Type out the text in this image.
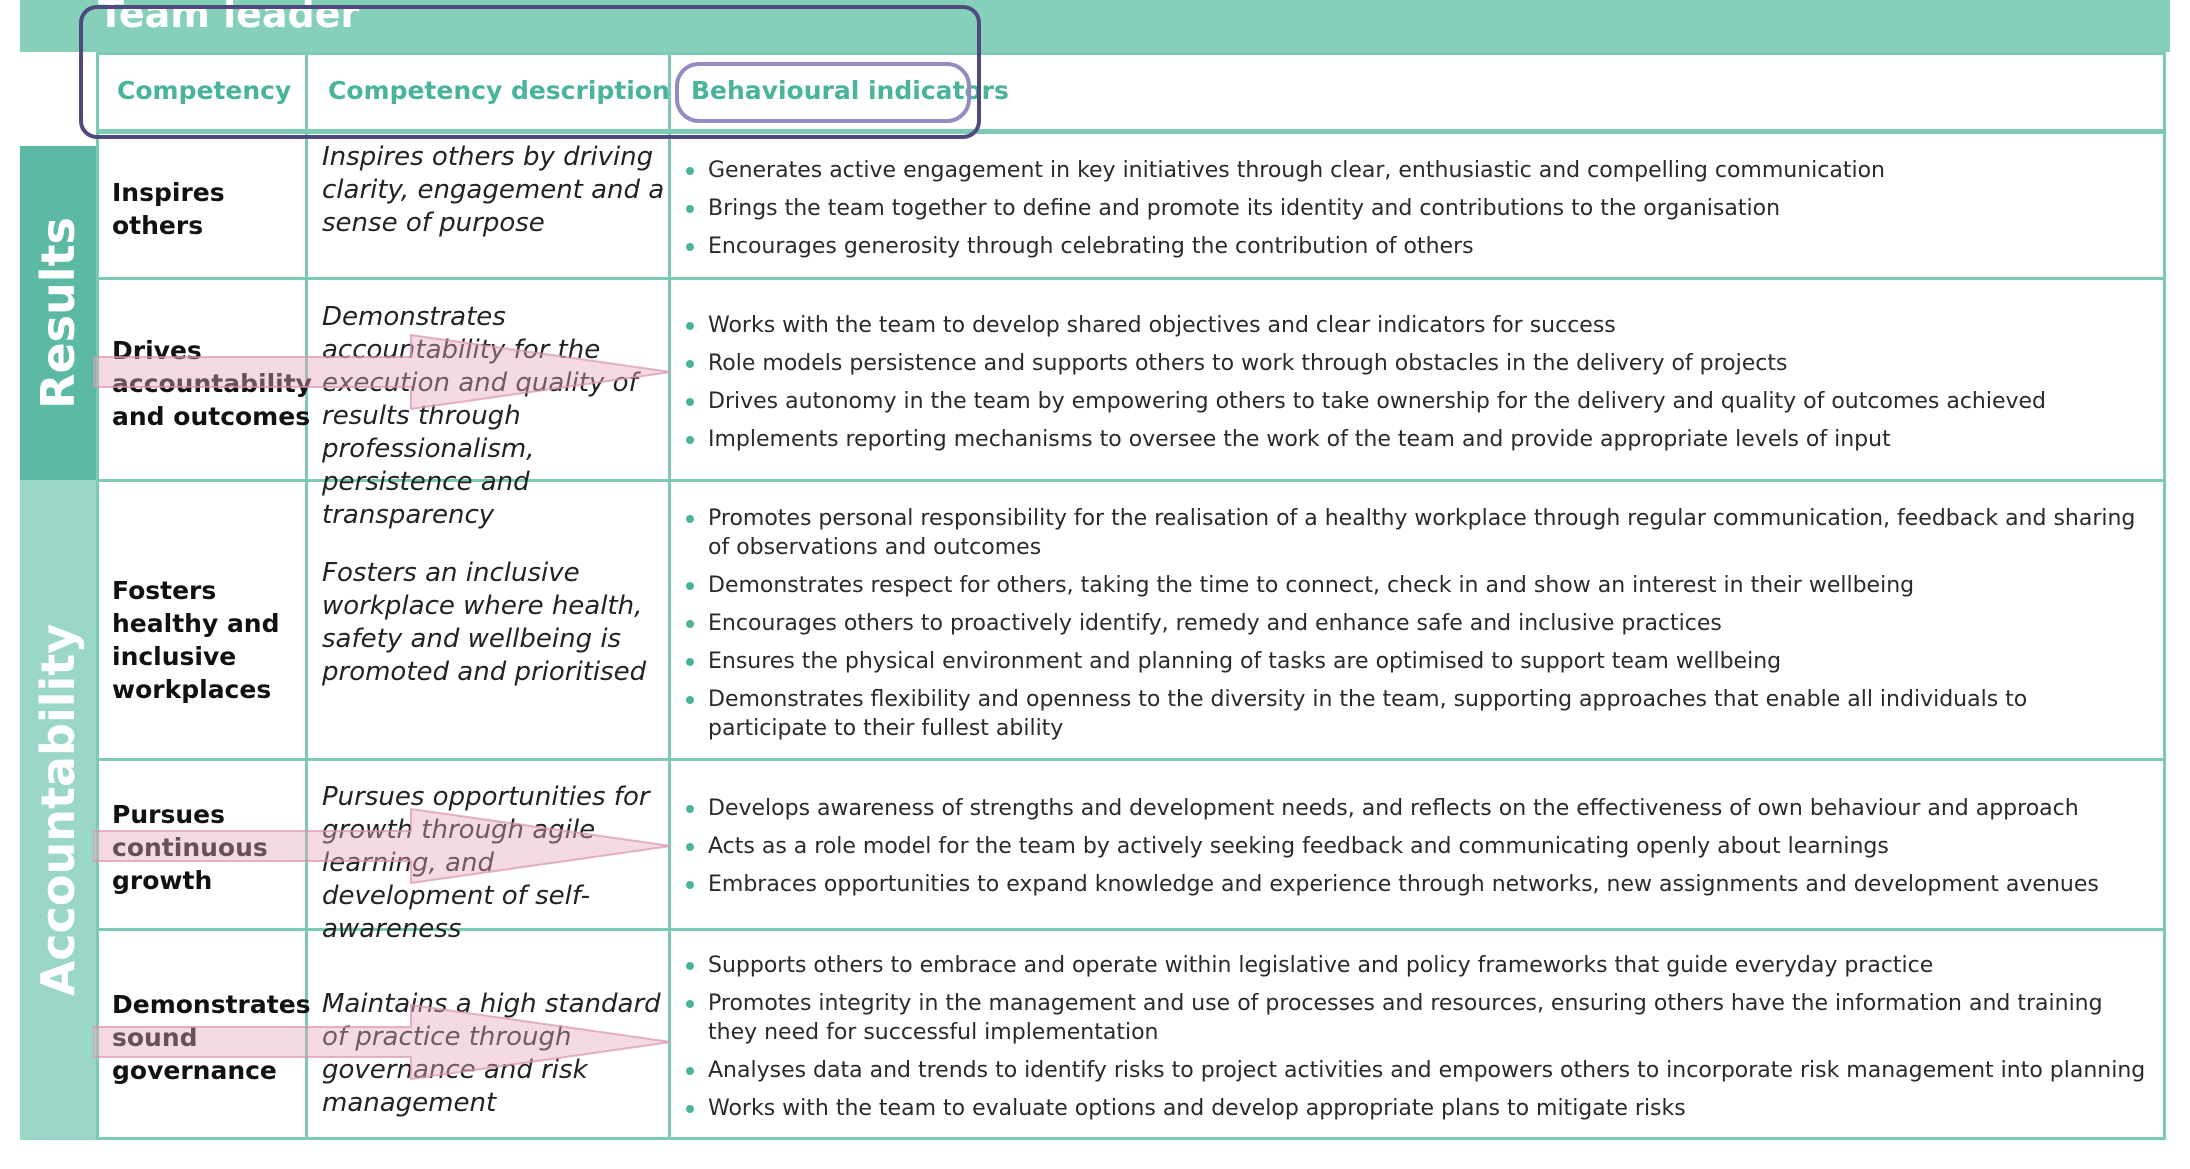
Team leader
Results
Accountability
Competency Competency description Behavioural indicators
Inspires others
Inspires others by driving clarity, engagement and a sense of purpose
Generates active engagement in key initiatives through clear, enthusiastic and compelling communication
Brings the team together to define and promote its identity and contributions to the organisation
Encourages generosity through celebrating the contribution of others
Drives accountability and outcomes
Demonstrates accountability for the execution and quality of results through professionalism, persistence and transparency
Works with the team to develop shared objectives and clear indicators for success
Role models persistence and supports others to work through obstacles in the delivery of projects
Drives autonomy in the team by empowering others to take ownership for the delivery and quality of outcomes achieved
Implements reporting mechanisms to oversee the work of the team and provide appropriate levels of input
Fosters healthy and inclusive workplaces
Fosters an inclusive workplace where health, safety and wellbeing is promoted and prioritised
Promotes personal responsibility for the realisation of a healthy workplace through regular communication, feedback and sharing of observations and outcomes
Demonstrates respect for others, taking the time to connect, check in and show an interest in their wellbeing
Encourages others to proactively identify, remedy and enhance safe and inclusive practices
Ensures the physical environment and planning of tasks are optimised to support team wellbeing
Demonstrates flexibility and openness to the diversity in the team, supporting approaches that enable all individuals to participate to their fullest ability
Pursues continuous growth
Pursues opportunities for growth through agile learning, and development of self-awareness
Develops awareness of strengths and development needs, and reflects on the effectiveness of own behaviour and approach
Acts as a role model for the team by actively seeking feedback and communicating openly about learnings
Embraces opportunities to expand knowledge and experience through networks, new assignments and development avenues
Demonstrates sound governance
Maintains a high standard of practice through governance and risk management
Supports others to embrace and operate within legislative and policy frameworks that guide everyday practice
Promotes integrity in the management and use of processes and resources, ensuring others have the information and training they need for successful implementation
Analyses data and trends to identify risks to project activities and empowers others to incorporate risk management into planning
Works with the team to evaluate options and develop appropriate plans to mitigate risks
